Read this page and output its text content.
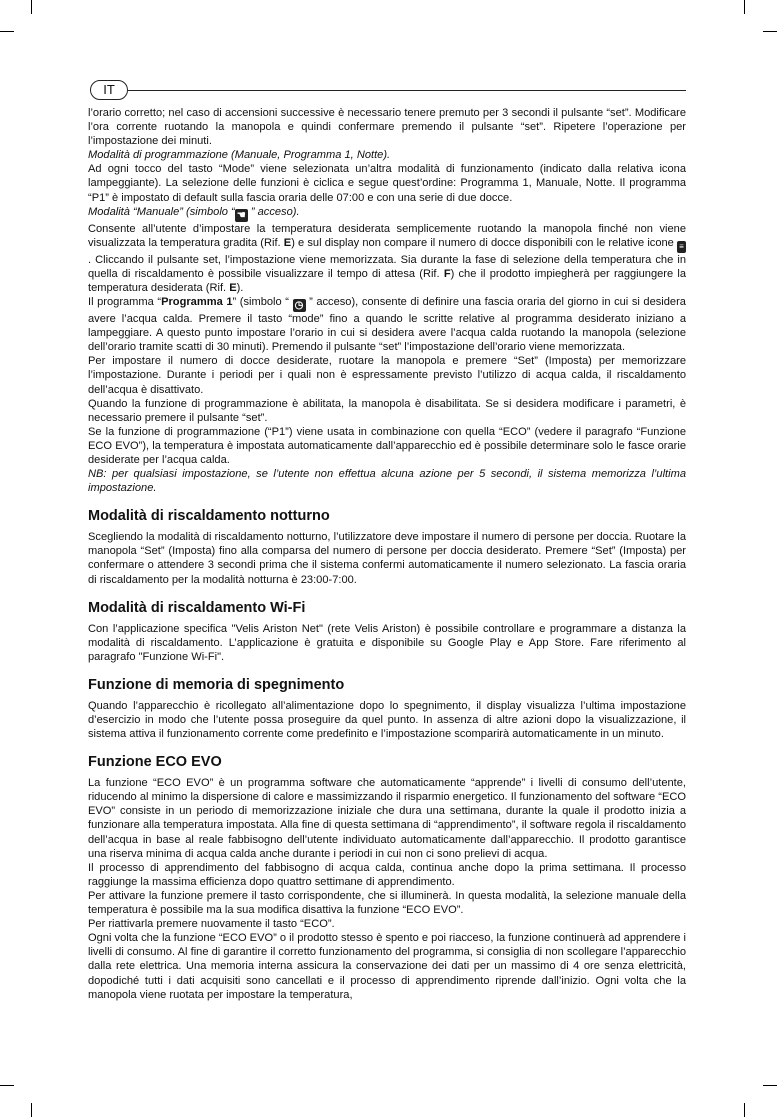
IT

l’orario corretto; nel caso di accensioni successive è necessario tenere premuto per 3 secondi il pulsante “set”. Modificare l’ora corrente ruotando la manopola e quindi confermare premendo il pulsante “set”. Ripetere l’operazione per l’impostazione dei minuti.

Modalità di programmazione (Manuale, Programma 1, Notte).

Ad ogni tocco del tasto “Mode” viene selezionata un’altra modalità di funzionamento (indicato dalla relativa icona lampeggiante). La selezione delle funzioni è ciclica e segue quest’ordine: Programma 1, Manuale, Notte. Il programma “P1” è impostato di default sulla fascia oraria delle 07:00 e con una serie di due docce.

Modalità “Manuale” (simbolo “ ☚ ” acceso).

Consente all’utente d’impostare la temperatura desiderata semplicemente ruotando la manopola finché non viene visualizzata la temperatura gradita (Rif. E) e sul display non compare il numero di docce disponibili con le relative icone ≡. Cliccando il pulsante set, l’impostazione viene memorizzata. Sia durante la fase di selezione della temperatura che in quella di riscaldamento è possibile visualizzare il tempo di attesa (Rif. F) che il prodotto impiegherà per raggiungere la temperatura desiderata (Rif. E).

Il programma “Programma 1” (simbolo “ ◷ ” acceso), consente di definire una fascia oraria del giorno in cui si desidera avere l’acqua calda. Premere il tasto “mode” fino a quando le scritte relative al programma desiderato iniziano a lampeggiare. A questo punto impostare l’orario in cui si desidera avere l’acqua calda ruotando la manopola (selezione dell’orario tramite scatti di 30 minuti). Premendo il pulsante “set” l’impostazione dell’orario viene memorizzata.

Per impostare il numero di docce desiderate, ruotare la manopola e premere “Set” (Imposta) per memorizzare l’impostazione. Durante i periodi per i quali non è espressamente previsto l’utilizzo di acqua calda, il riscaldamento dell’acqua è disattivato.

Quando la funzione di programmazione è abilitata, la manopola è disabilitata. Se si desidera modificare i parametri, è necessario premere il pulsante “set”.

Se la funzione di programmazione (“P1”) viene usata in combinazione con quella “ECO” (vedere il paragrafo “Funzione ECO EVO”), la temperatura è impostata automaticamente dall’apparecchio ed è possibile determinare solo le fasce orarie desiderate per l’acqua calda.

NB: per qualsiasi impostazione, se l’utente non effettua alcuna azione per 5 secondi, il sistema memorizza l’ultima impostazione.

Modalità di riscaldamento notturno

Scegliendo la modalità di riscaldamento notturno, l’utilizzatore deve impostare il numero di persone per doccia. Ruotare la manopola “Set” (Imposta) fino alla comparsa del numero di persone per doccia desiderato. Premere “Set” (Imposta) per confermare o attendere 3 secondi prima che il sistema confermi automaticamente il numero selezionato. La fascia oraria di riscaldamento per la modalità notturna è 23:00-7:00.

Modalità di riscaldamento Wi-Fi

Con l’applicazione specifica "Velis Ariston Net" (rete Velis Ariston) è possibile controllare e programmare a distanza la modalità di riscaldamento. L’applicazione è gratuita e disponibile su Google Play e App Store. Fare riferimento al paragrafo "Funzione Wi-Fi".

Funzione di memoria di spegnimento

Quando l’apparecchio è ricollegato all’alimentazione dopo lo spegnimento, il display visualizza l’ultima impostazione d’esercizio in modo che l’utente possa proseguire da quel punto. In assenza di altre azioni dopo la visualizzazione, il sistema attiva il funzionamento corrente come predefinito e l’impostazione scomparirà automaticamente in un minuto.

Funzione ECO EVO

La funzione “ECO EVO” è un programma software che automaticamente “apprende” i livelli di consumo dell’utente, riducendo al minimo la dispersione di calore e massimizzando il risparmio energetico. Il funzionamento del software “ECO EVO” consiste in un periodo di memorizzazione iniziale che dura una settimana, durante la quale il prodotto inizia a funzionare alla temperatura impostata. Alla fine di questa settimana di “apprendimento”, il software regola il riscaldamento dell’acqua in base al reale fabbisogno dell’utente individuato automaticamente dall’apparecchio. Il prodotto garantisce una riserva minima di acqua calda anche durante i periodi in cui non ci sono prelievi di acqua.

Il processo di apprendimento del fabbisogno di acqua calda, continua anche dopo la prima settimana. Il processo raggiunge la massima efficienza dopo quattro settimane di apprendimento.

Per attivare la funzione premere il tasto corrispondente, che si illuminerà. In questa modalità, la selezione manuale della temperatura è possibile ma la sua modifica disattiva la funzione “ECO EVO”.

Per riattivarla premere nuovamente il tasto “ECO”.

Ogni volta che la funzione “ECO EVO” o il prodotto stesso è spento e poi riacceso, la funzione continuerà ad apprendere i livelli di consumo. Al fine di garantire il corretto funzionamento del programma, si consiglia di non scollegare l’apparecchio dalla rete elettrica. Una memoria interna assicura la conservazione dei dati per un massimo di 4 ore senza elettricità, dopodiché tutti i dati acquisiti sono cancellati e il processo di apprendimento riprende dall’inizio. Ogni volta che la manopola viene ruotata per impostare la temperatura,
